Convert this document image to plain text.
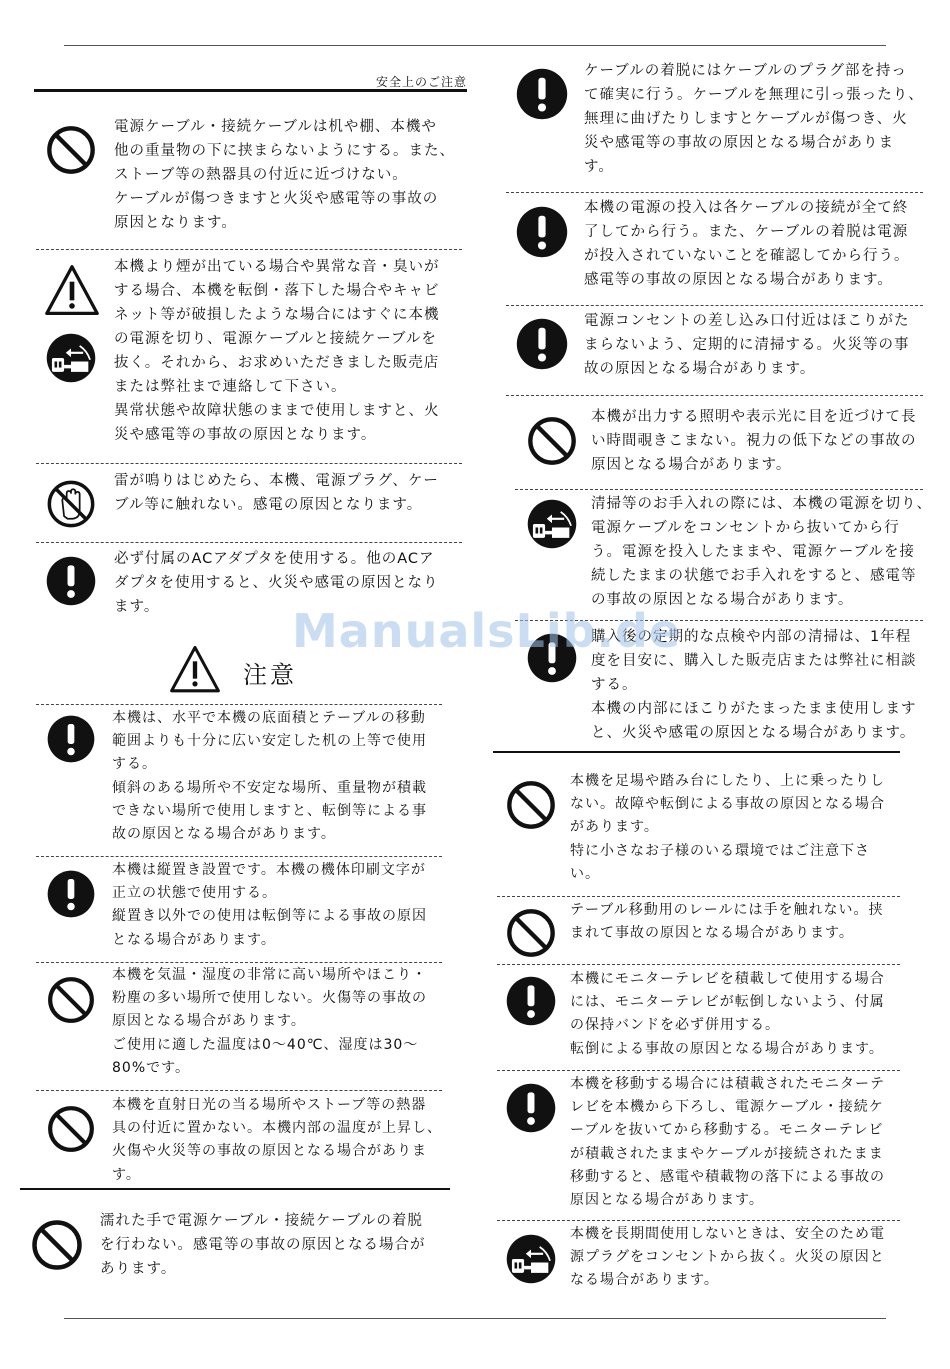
安全上のご注意

電源ケーブル・接続ケーブルは机や棚、本機や

他の重量物の下に挟まらないようにする。また、

ストーブ等の熱器具の付近に近づけない。

ケーブルが傷つきますと火災や感電等の事故の

原因となります。

本機より煙が出ている場合や異常な音・臭いが

する場合、本機を転倒・落下した場合やキャビ

ネット等が破損したような場合にはすぐに本機

の電源を切り、電源ケーブルと接続ケーブルを

抜く。それから、お求めいただきました販売店

または弊社まで連絡して下さい。

異常状態や故障状態のままで使用しますと、火

災や感電等の事故の原因となります。

雷が鳴りはじめたら、本機、電源プラグ、ケー

ブル等に触れない。感電の原因となります。

必ず付属のACアダプタを使用する。他のACア

ダプタを使用すると、火災や感電の原因となり

ます。

注意

本機は、水平で本機の底面積とテーブルの移動

範囲よりも十分に広い安定した机の上等で使用

する。

傾斜のある場所や不安定な場所、重量物が積載

できない場所で使用しますと、転倒等による事

故の原因となる場合があります。

本機は縦置き設置です。本機の機体印刷文字が

正立の状態で使用する。

縦置き以外での使用は転倒等による事故の原因

となる場合があります。

本機を気温・湿度の非常に高い場所やほこり・

粉塵の多い場所で使用しない。火傷等の事故の

原因となる場合があります。

ご使用に適した温度は0～40℃、湿度は30～

80%です。

本機を直射日光の当る場所やストーブ等の熱器

具の付近に置かない。本機内部の温度が上昇し、

火傷や火災等の事故の原因となる場合がありま

す。

濡れた手で電源ケーブル・接続ケーブルの着脱

を行わない。感電等の事故の原因となる場合が

あります。

ケーブルの着脱にはケーブルのプラグ部を持っ

て確実に行う。ケーブルを無理に引っ張ったり、

無理に曲げたりしますとケーブルが傷つき、火

災や感電等の事故の原因となる場合がありま

す。

本機の電源の投入は各ケーブルの接続が全て終

了してから行う。また、ケーブルの着脱は電源

が投入されていないことを確認してから行う。

感電等の事故の原因となる場合があります。

電源コンセントの差し込み口付近はほこりがた

まらないよう、定期的に清掃する。火災等の事

故の原因となる場合があります。

本機が出力する照明や表示光に目を近づけて長

い時間覗きこまない。視力の低下などの事故の

原因となる場合があります。

清掃等のお手入れの際には、本機の電源を切り、

電源ケーブルをコンセントから抜いてから行

う。電源を投入したままや、電源ケーブルを接

続したままの状態でお手入れをすると、感電等

の事故の原因となる場合があります。

購入後の定期的な点検や内部の清掃は、1年程

度を目安に、購入した販売店または弊社に相談

する。

本機の内部にほこりがたまったまま使用します

と、火災や感電の原因となる場合があります。

本機を足場や踏み台にしたり、上に乗ったりし

ない。故障や転倒による事故の原因となる場合

があります。

特に小さなお子様のいる環境ではご注意下さ

い。

テーブル移動用のレールには手を触れない。挟

まれて事故の原因となる場合があります。

本機にモニターテレビを積載して使用する場合

には、モニターテレビが転倒しないよう、付属

の保持バンドを必ず併用する。

転倒による事故の原因となる場合があります。

本機を移動する場合には積載されたモニターテ

レビを本機から下ろし、電源ケーブル・接続ケ

ーブルを抜いてから移動する。モニターテレビ

が積載されたままやケーブルが接続されたまま

移動すると、感電や積載物の落下による事故の

原因となる場合があります。

本機を長期間使用しないときは、安全のため電

源プラグをコンセントから抜く。火災の原因と

なる場合があります。

ManualsLib.de
